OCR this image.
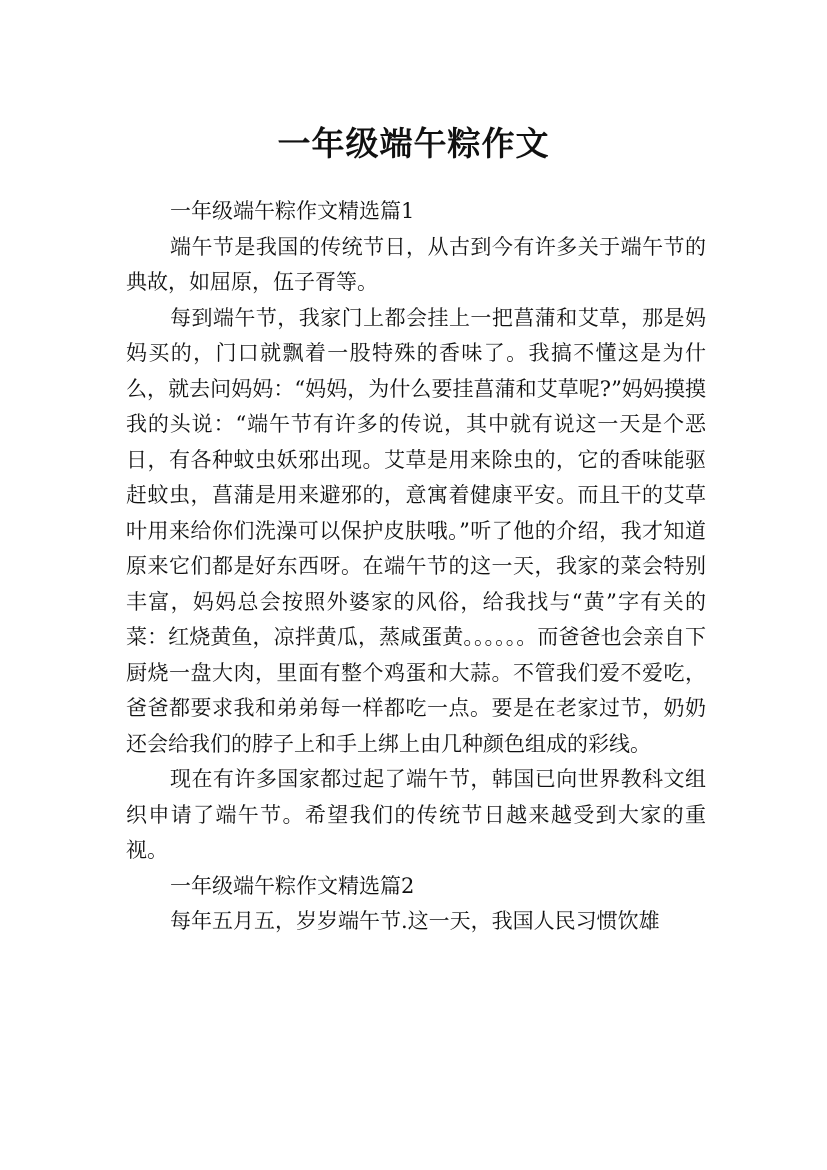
一年级端午粽作文

一年级端午粽作文精选篇1

端午节是我国的传统节日，从古到今有许多关于端午节的典故，如屈原，伍子胥等。

每到端午节，我家门上都会挂上一把菖蒲和艾草，那是妈妈买的，门口就飘着一股特殊的香味了。我搞不懂这是为什么，就去问妈妈：“妈妈，为什么要挂菖蒲和艾草呢?”妈妈摸摸我的头说：“端午节有许多的传说，其中就有说这一天是个恶日，有各种蚊虫妖邪出现。艾草是用来除虫的，它的香味能驱赶蚊虫，菖蒲是用来避邪的，意寓着健康平安。而且干的艾草叶用来给你们洗澡可以保护皮肤哦。”听了他的介绍，我才知道原来它们都是好东西呀。在端午节的这一天，我家的菜会特别丰富，妈妈总会按照外婆家的风俗，给我找与“黄”字有关的菜：红烧黄鱼，凉拌黄瓜，蒸咸蛋黄。。。。。。而爸爸也会亲自下厨烧一盘大肉，里面有整个鸡蛋和大蒜。不管我们爱不爱吃，爸爸都要求我和弟弟每一样都吃一点。要是在老家过节，奶奶还会给我们的脖子上和手上绑上由几种颜色组成的彩线。

现在有许多国家都过起了端午节，韩国已向世界教科文组织申请了端午节。希望我们的传统节日越来越受到大家的重视。

一年级端午粽作文精选篇2

每年五月五，岁岁端午节.这一天，我国人民习惯饮雄
